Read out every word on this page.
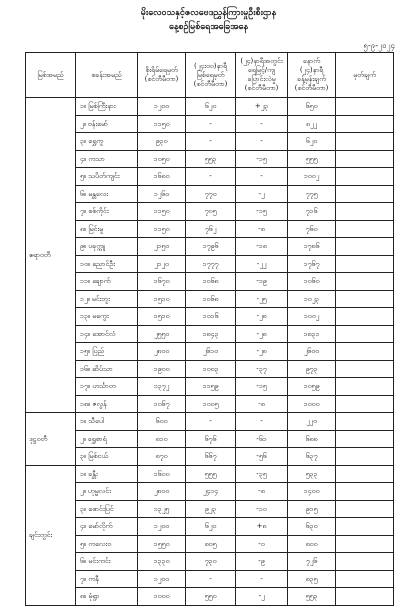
မိုးလေဝသနှင့်ဇလဗေဒညွှန်ကြားမှုဦးစီးဌာန
နေ့စဉ်မြစ်ရေအခြေအနေ
၅-၉-၂၀၂၄
မြစ်အမည်	စခန်းအမည်	စိုးရိမ်ရေမှတ်
(စင်တီမီတာ)	(၂၄း၀၀)နာရီ
မြစ်ရေမှတ်
(စင်တီမီတာ)	(၂၄)နာရီအတွင်း
ရေမြင့်/ကျ
ပြောင်းလဲမှု
(စင်တီမီတာ)	နောက်
(၂၄)နာရီ
ခန့်မှန်းချက်
(စင်တီမီတာ)	မှတ်ချက်

ဧရာဝတီ	၁။ မြစ်ကြီးနား	၁၂၀၀	၆၂၀	+၂၃	၆၅၀	
	၂။ ဗန်းမော်	၁၁၅၀	-	-	၈၂၂	
	၃။ ရွှေကူ	၉၃၀	-	-	၆၂၀	
	၄။ ကသာ	၁၀၅၀	၅၅၃	-၁၅	၅၅၅	
	၅။ သပိတ်ကျင်း	၁၆၈၀	-	-	၁၀၀၂	
	၆။ မန္တလေး	၁၂၆၀	၇၇၀	-၂	၇၇၅	
	၇။ စစ်ကိုင်း	၁၁၅၀	၇၀၅	-၁၅	၇၁၆	
	၈။ မြင်းမူ	၁၁၅၀	၇၆၂	-၈	၇၆၀	
	၉။ ပခုက္ကူ	၂၁၅၀	၁၇၉၆	-၁၈	၁၇၈၆	
	၁၀။ ညောင်ဦး	၂၁၂၀	၁၇၇၇	-၂၂	၁၇၆၇	
	၁၁။ ချောက်	၁၆၇၀	၁၀၆၈	-၁၉	၁၀၆၀	
	၁၂။ မင်းဘူး	၁၅၁၀	၁၀၆၈	-၂၅	၁၀၂၃	
	၁၃။ မကွေး	၁၅၁၀	၁၀၁၆	-၂၈	၁၀၀၂	
	၁၄။ အောင်လံ	၂၅၅၀	၁၈၄၃	-၂၈	၁၈၃၁	
	၁၅။ ပြည်	၂၈၀၀	၂၆၁၀	-၂၈	၂၆၀၀	
	၁၆။ ဆိပ်သာ	၁၉၀၀	၁၀၀၃	-၃၇	၉၇၃	
	၁၇။ ဟင်္သာတ	၁၃၇၂	၁၁၅၉	-၁၅	၁၀၅၉	
	၁၈။ ဇလွန်	၁၀၆၇	၁၀၀၅	-၈	၁၀၀၀	
ဒုဋ္ဌဝတီ	၁။ သီပေါ	၆၀၀	-	-	၂၂၀	
	၂။ ရွှေစာရံ	၈၁၀	၆၇၆	-၆၁	၆၈၈	
	၃။ မြစ်ငယ်	၈၇၀	၆၆၇	-၅၆	၆၃၇	
ချင်းတွင်း	၁။ ခန္တီး	၁၆၀၀	၅၅၅	-၃၅	၅၃၃	
	၂။ ဟုမ္မလင်း	၂၈၀၀	၂၄၁၄	-၈	၁၄၀၀	
	၃။ ဖောင်းပြင်	၁၃၂၅	၉၂၃	-၁၀	၉၁၅	
	၄။ မော်လိုက်	၁၂၀၀	၆၂၀	+၈	၆၃၀	
	၅။ ကလေးဝ	၁၅၅၀	၈၀၅	-၀	၈၀၀	
	၆။ မင်းကင်း	၁၃၃၀	၇၃၀	-၉	၇၂၆	
	၇။ ကနီ	၁၂၀၀	-	-	၈၃၅	
	၈။ မုံရွာ	၁၀၀၀	၅၅၀	-၂	၅၅၃	
